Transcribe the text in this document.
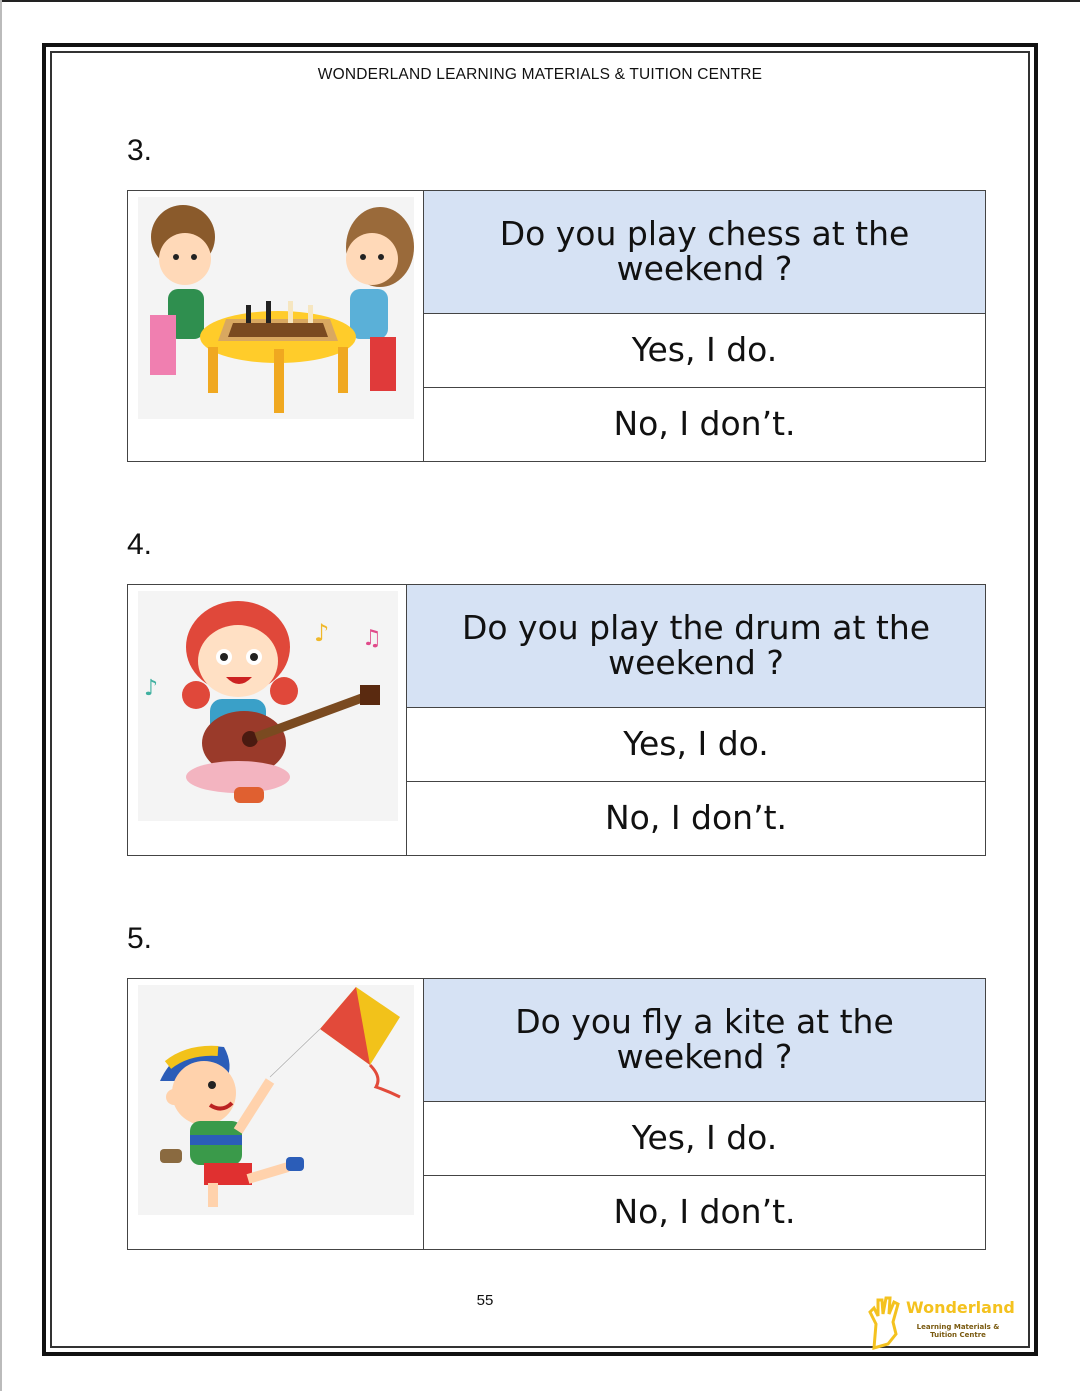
WONDERLAND LEARNING MATERIALS & TUITION CENTRE
3.
Do you play chess at the weekend ?
Yes, I do.
No, I don’t.
4.
♪ ♫
♪
Do you play the drum at the weekend ?
Yes, I do.
No, I don’t.
5.
Do you fly a kite at the weekend ?
Yes, I do.
No, I don’t.
55	Wonderland
Learning Materials & Tuition Centre
